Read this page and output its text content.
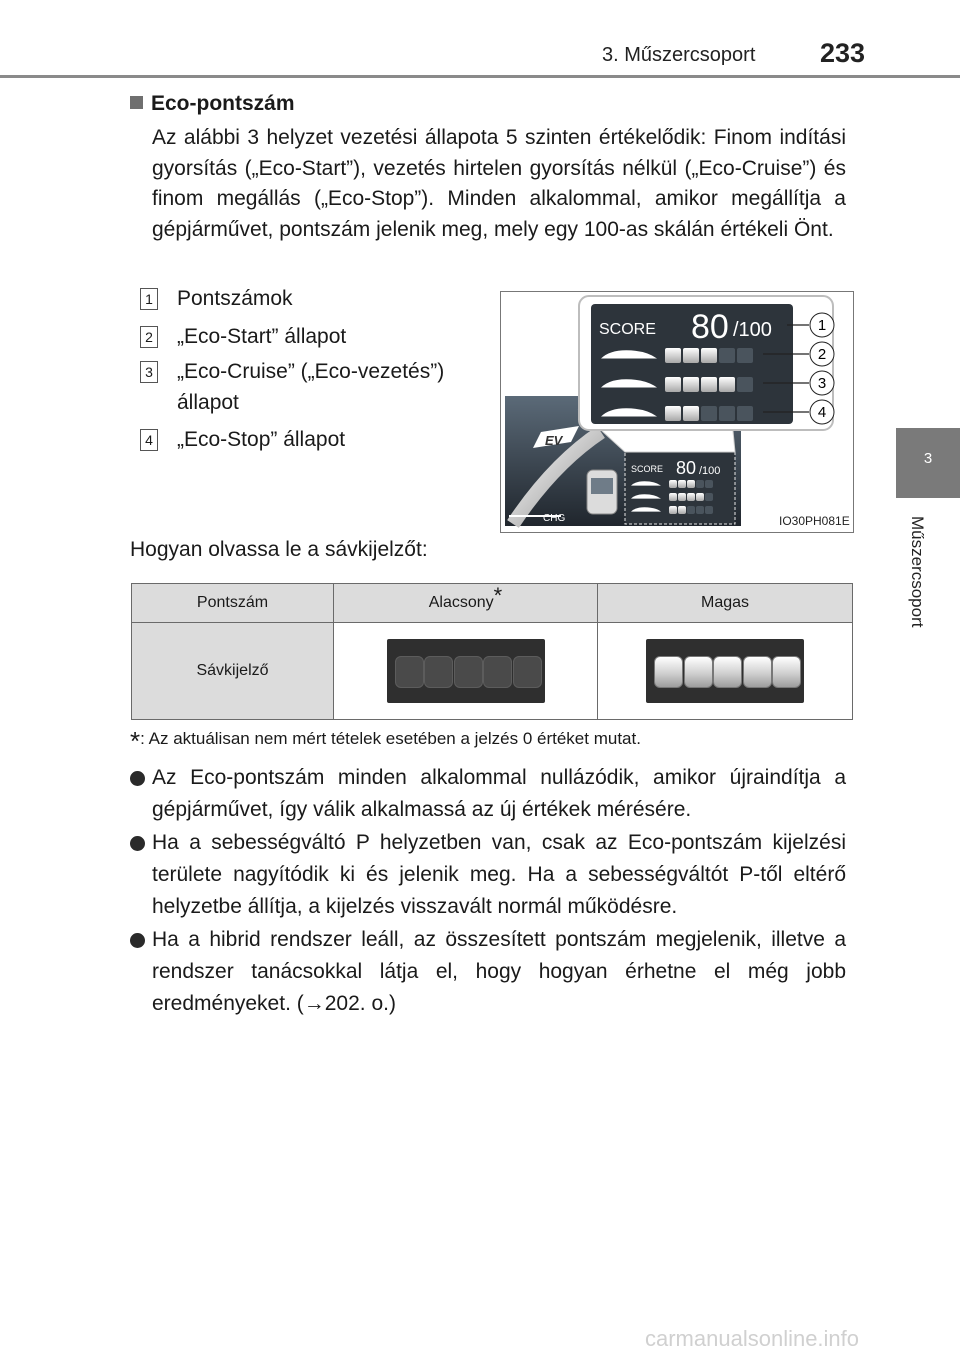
3. Műszercsoport 233
3
Műszercsoport
Eco-pontszám
Az alábbi 3 helyzet vezetési állapota 5 szinten értékelődik: Finom indítási gyorsítás („Eco-Start”), vezetés hirtelen gyorsítás nélkül („Eco-Cruise”) és finom megállás („Eco-Stop”). Minden alkalommal, amikor megállítja a gépjárművet, pontszám jelenik meg, mely egy 100-as skálán értékeli Önt.
1 Pontszámok
2 „Eco-Start” állapot
3 „Eco-Cruise” („Eco-vezetés”)
állapot
4 „Eco-Stop” állapot	EV
CHG
SCORE 80 /100
SCORE 80 /100	1
2
3
4
IO30PH081E
Hogyan olvassa le a sávkijelzőt:
Pontszám	Alacsony*	Magas
Sávkijelző	

*: Az aktuálisan nem mért tételek esetében a jelzés 0 értéket mutat.
Az Eco-pontszám minden alkalommal nullázódik, amikor újraindítja a gépjárművet, így válik alkalmassá az új értékek mérésére.
Ha a sebességváltó P helyzetben van, csak az Eco-pontszám kijelzési területe nagyítódik ki és jelenik meg. Ha a sebességváltót P-től eltérő helyzetbe állítja, a kijelzés visszavált normál működésre.
Ha a hibrid rendszer leáll, az összesített pontszám megjelenik, illetve a rendszer tanácsokkal látja el, hogy hogyan érhetne el még jobb eredményeket. (→202. o.)
carmanualsonline.info
